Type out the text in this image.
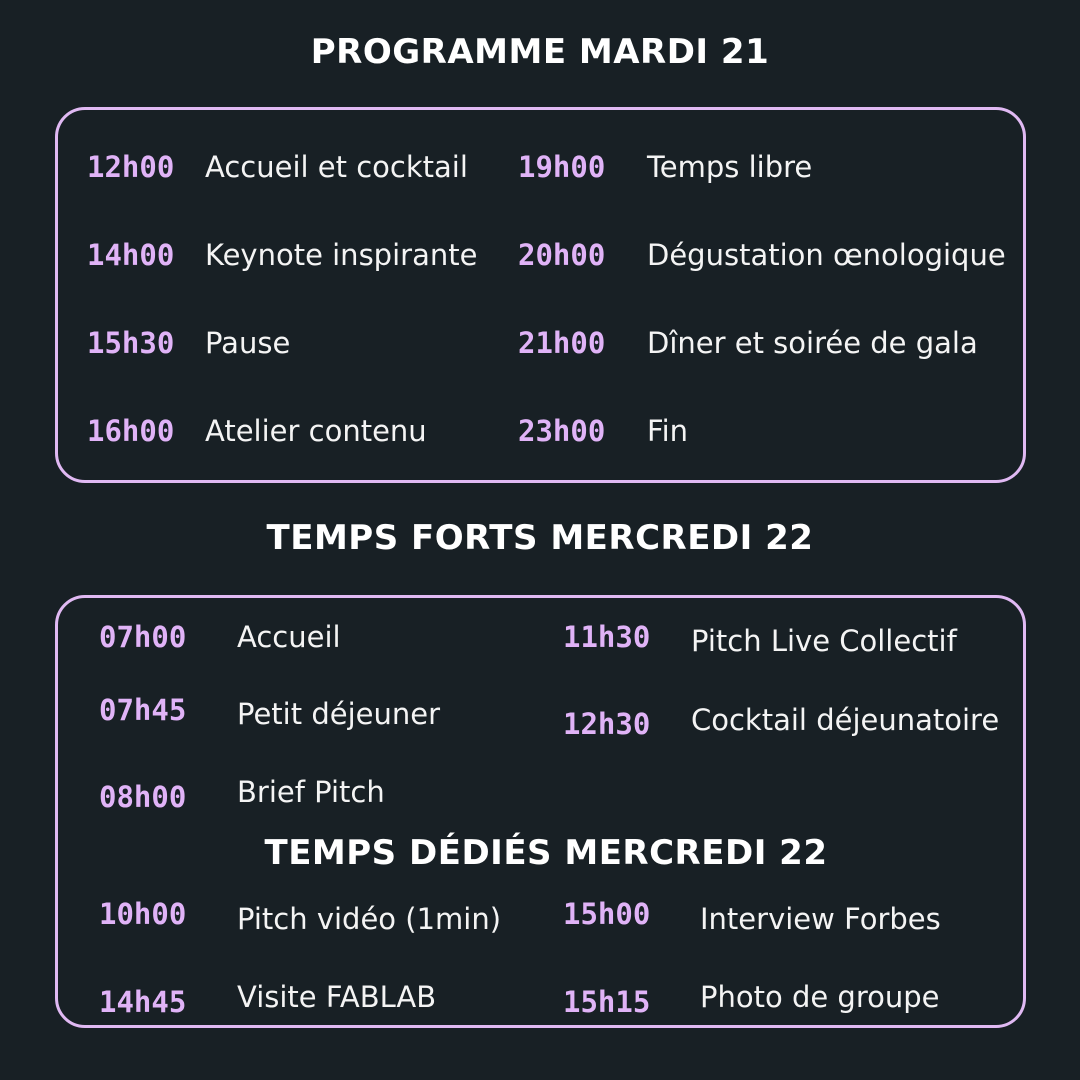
PROGRAMME MARDI 21
12h00 Accueil et cocktail
14h00 Keynote inspirante
15h30 Pause
16h00 Atelier contenu
19h00 Temps libre
20h00 Dégustation œnologique
21h00 Dîner et soirée de gala
23h00 Fin
TEMPS FORTS MERCREDI 22
07h00 Accueil
07h45 Petit déjeuner
08h00 Brief Pitch
11h30 Pitch Live Collectif
12h30 Cocktail déjeunatoire
TEMPS DÉDIÉS MERCREDI 22
10h00 Pitch vidéo (1min)
14h45 Visite FABLAB
15h00 Interview Forbes
15h15 Photo de groupe
